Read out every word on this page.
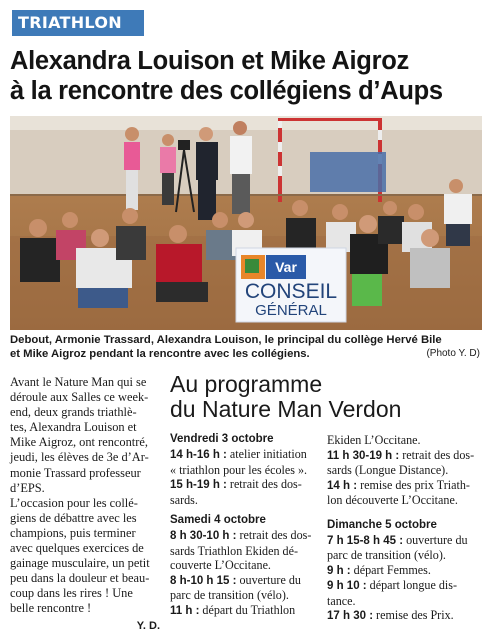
TRIATHLON
Alexandra Louison et Mike Aigroz
à la rencontre des collégiens d’Aups
Var
CONSEIL
GÉNÉRAL
Debout, Armonie Trassard, Alexandra Louison, le principal du collège Hervé Bile
et Mike Aigroz pendant la rencontre avec les collégiens.	(Photo Y. D)
Avant le Nature Man qui se
déroule aux Salles ce week-
end, deux grands triathlè-
tes, Alexandra Louison et
Mike Aigroz, ont rencontré,
jeudi, les élèves de 3e d’Ar-
monie Trassard professeur
d’EPS.
L’occasion pour les collé-
giens de débattre avec les
champions, puis terminer
avec quelques exercices de
gainage musculaire, un petit
peu dans la douleur et beau-
coup dans les rires ! Une
belle rencontre !
Y. D.
Au programme
du Nature Man Verdon
Vendredi 3 octobre
14 h-16 h : atelier initiation
« triathlon pour les écoles ».
15 h-19 h : retrait des dos-
sards.
Samedi 4 octobre
8 h 30-10 h : retrait des dos-
sards Triathlon Ekiden dé-
couverte L’Occitane.
8 h-10 h 15 : ouverture du
parc de transition (vélo).
11 h : départ du Triathlon
Ekiden L’Occitane.
11 h 30-19 h : retrait des dos-
sards (Longue Distance).
14 h : remise des prix Triath-
lon découverte L’Occitane.
Dimanche 5 octobre
7 h 15-8 h 45 : ouverture du
parc de transition (vélo).
9 h : départ Femmes.
9 h 10 : départ longue dis-
tance.
17 h 30 : remise des Prix.
